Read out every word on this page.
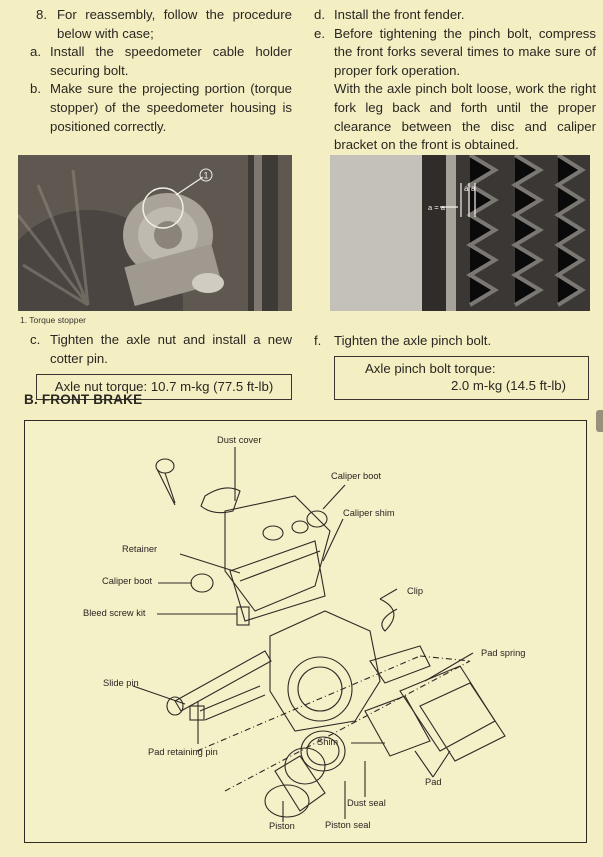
8. For reassembly, follow the procedure below with case;
a. Install the speedometer cable holder securing bolt.
b. Make sure the projecting portion (torque stopper) of the speedometer housing is positioned correctly.
1
1. Torque stopper
c. Tighten the axle nut and install a new cotter pin.
Axle nut torque: 10.7 m-kg (77.5 ft-lb)
d. Install the front fender.
e. Before tightening the pinch bolt, compress the front forks several times to make sure of proper fork operation.
With the axle pinch bolt loose, work the right fork leg back and forth until the proper clearance between the disc and caliper bracket on the front is obtained.
a a
a = a
f. Tighten the axle pinch bolt.
Axle pinch bolt torque:
2.0 m-kg (14.5 ft-lb)
B. FRONT BRAKE
Dust cover
Caliper boot
Caliper shim
Retainer
Caliper boot
Clip
Bleed screw kit
Pad spring
Slide pin
Pad retaining pin
Shim
Pad
Dust seal
Piston	Piston seal
